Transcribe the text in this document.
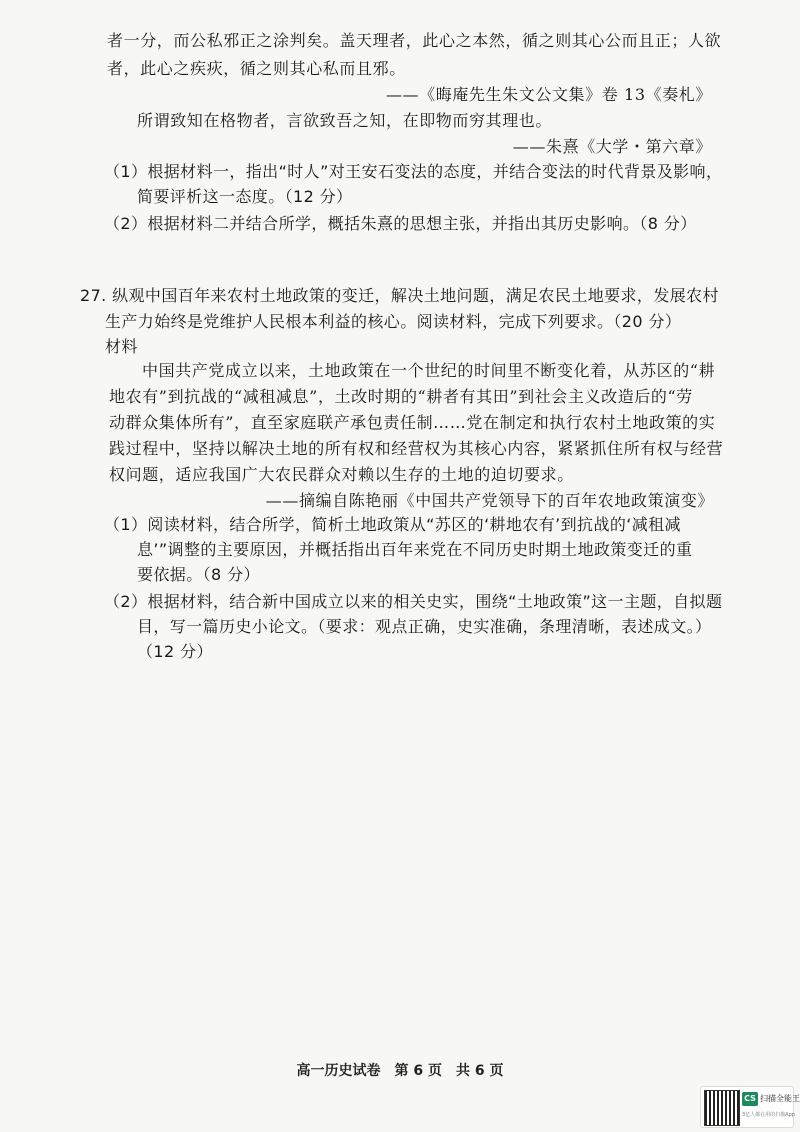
者一分，而公私邪正之涂判矣。盖天理者，此心之本然，循之则其心公而且正；人欲
者，此心之疾疢，循之则其心私而且邪。
——《晦庵先生朱文公文集》卷 13《奏札》
所谓致知在格物者，言欲致吾之知，在即物而穷其理也。
——朱熹《大学・第六章》
（1）根据材料一，指出“时人”对王安石变法的态度，并结合变法的时代背景及影响，
简要评析这一态度。（12 分）
（2）根据材料二并结合所学，概括朱熹的思想主张，并指出其历史影响。（8 分）
27. 纵观中国百年来农村土地政策的变迁，解决土地问题，满足农民土地要求，发展农村
生产力始终是党维护人民根本利益的核心。阅读材料，完成下列要求。（20 分）
材料
中国共产党成立以来，土地政策在一个世纪的时间里不断变化着，从苏区的“耕
地农有”到抗战的“减租减息”，土改时期的“耕者有其田”到社会主义改造后的“劳
动群众集体所有”，直至家庭联产承包责任制……党在制定和执行农村土地政策的实
践过程中，坚持以解决土地的所有权和经营权为其核心内容，紧紧抓住所有权与经营
权问题，适应我国广大农民群众对赖以生存的土地的迫切要求。
——摘编自陈艳丽《中国共产党领导下的百年农地政策演变》
（1）阅读材料，结合所学，简析土地政策从“苏区的‘耕地农有’到抗战的‘减租减
息’”调整的主要原因，并概括指出百年来党在不同历史时期土地政策变迁的重
要依据。（8 分）
（2）根据材料，结合新中国成立以来的相关史实，围绕“土地政策”这一主题，自拟题
目，写一篇历史小论文。（要求：观点正确，史实准确，条理清晰，表述成文。）
（12 分）
高一历史试卷　第 6 页　共 6 页
CS 扫描全能王
3亿人都在用的扫描App
